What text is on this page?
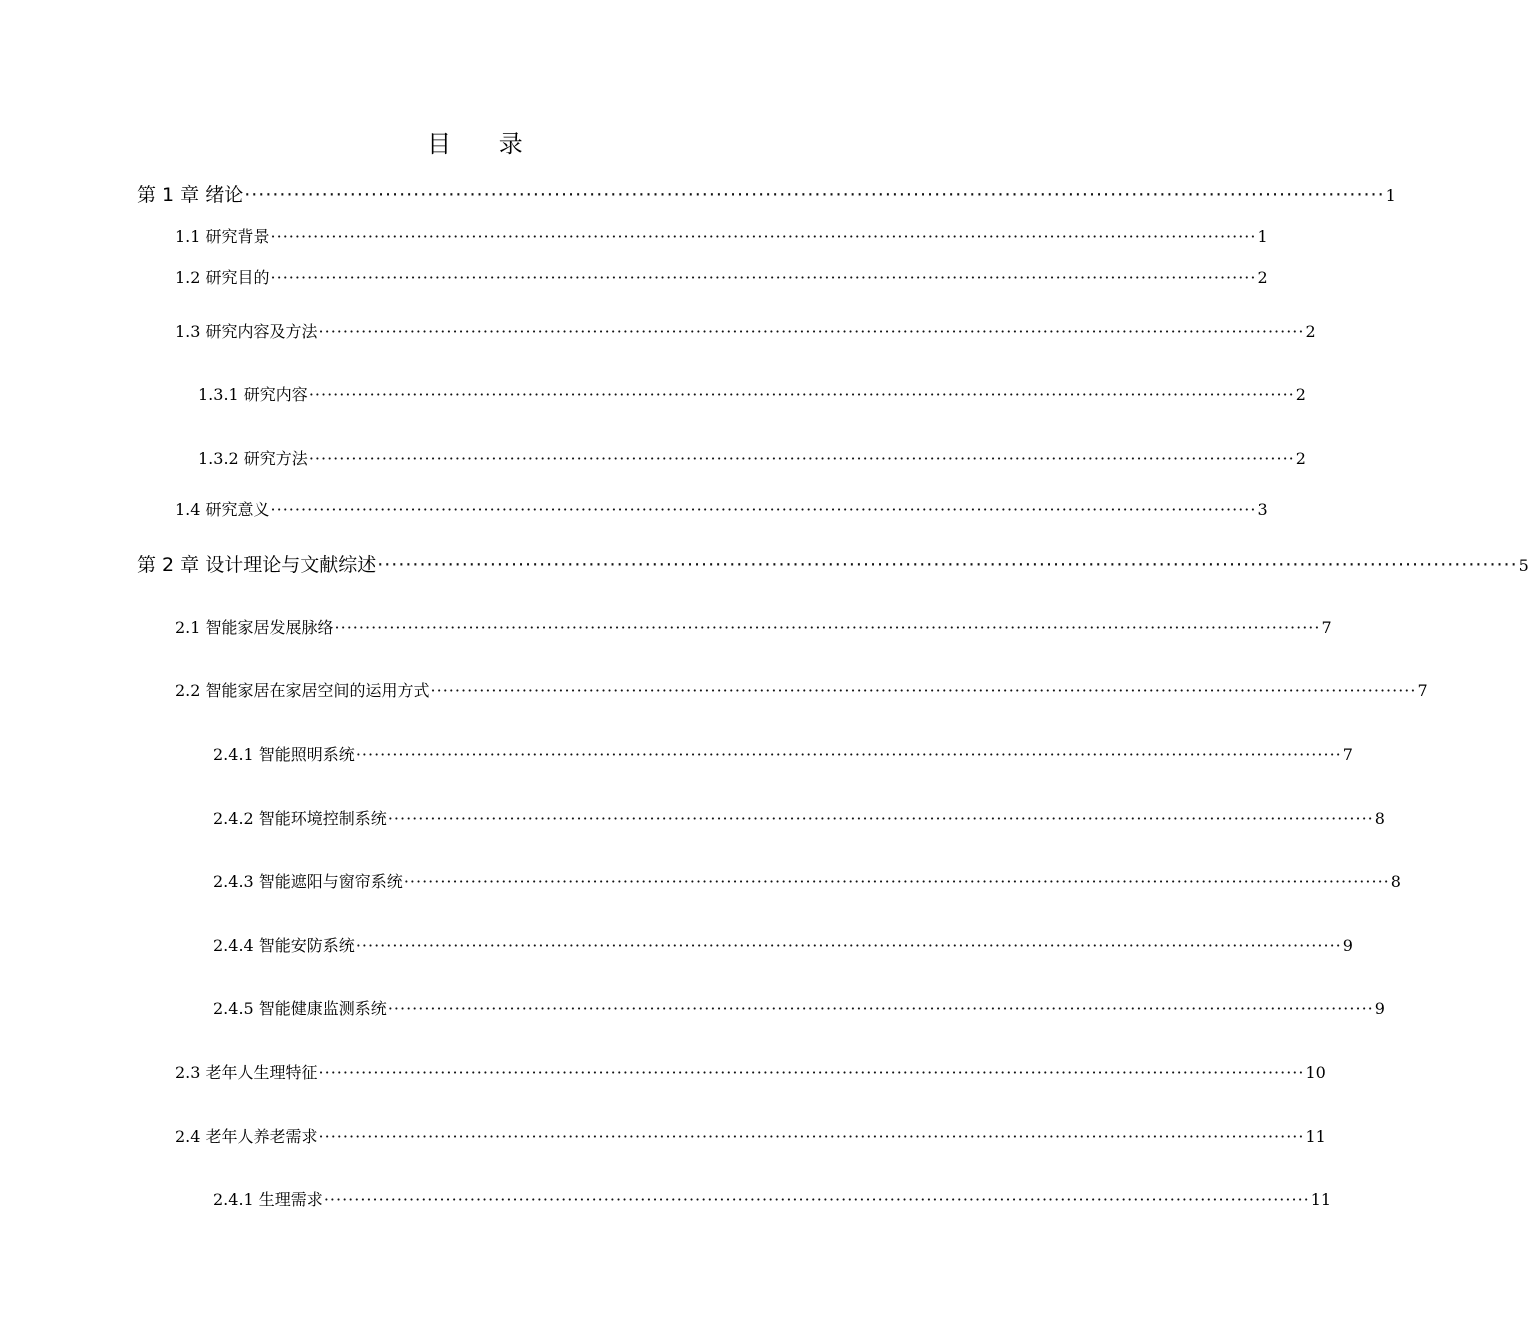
目 录
第 1 章 绪论 ·································································································································································· 1
1.1 研究背景 ·································································································································································· 1
1.2 研究目的 ·································································································································································· 2
1.3 研究内容及方法 ·································································································································································· 2
1.3.1 研究内容 ·································································································································································· 2
1.3.2 研究方法 ·································································································································································· 2
1.4 研究意义 ·································································································································································· 3
第 2 章 设计理论与文献综述 ·································································································································································· 5
2.1 智能家居发展脉络 ·································································································································································· 7
2.2 智能家居在家居空间的运用方式 ·································································································································································· 7
2.4.1 智能照明系统 ·································································································································································· 7
2.4.2 智能环境控制系统 ·································································································································································· 8
2.4.3 智能遮阳与窗帘系统 ·································································································································································· 8
2.4.4 智能安防系统 ·································································································································································· 9
2.4.5 智能健康监测系统 ·································································································································································· 9
2.3 老年人生理特征 ·································································································································································· 10
2.4 老年人养老需求 ·································································································································································· 11
2.4.1 生理需求 ·································································································································································· 11
